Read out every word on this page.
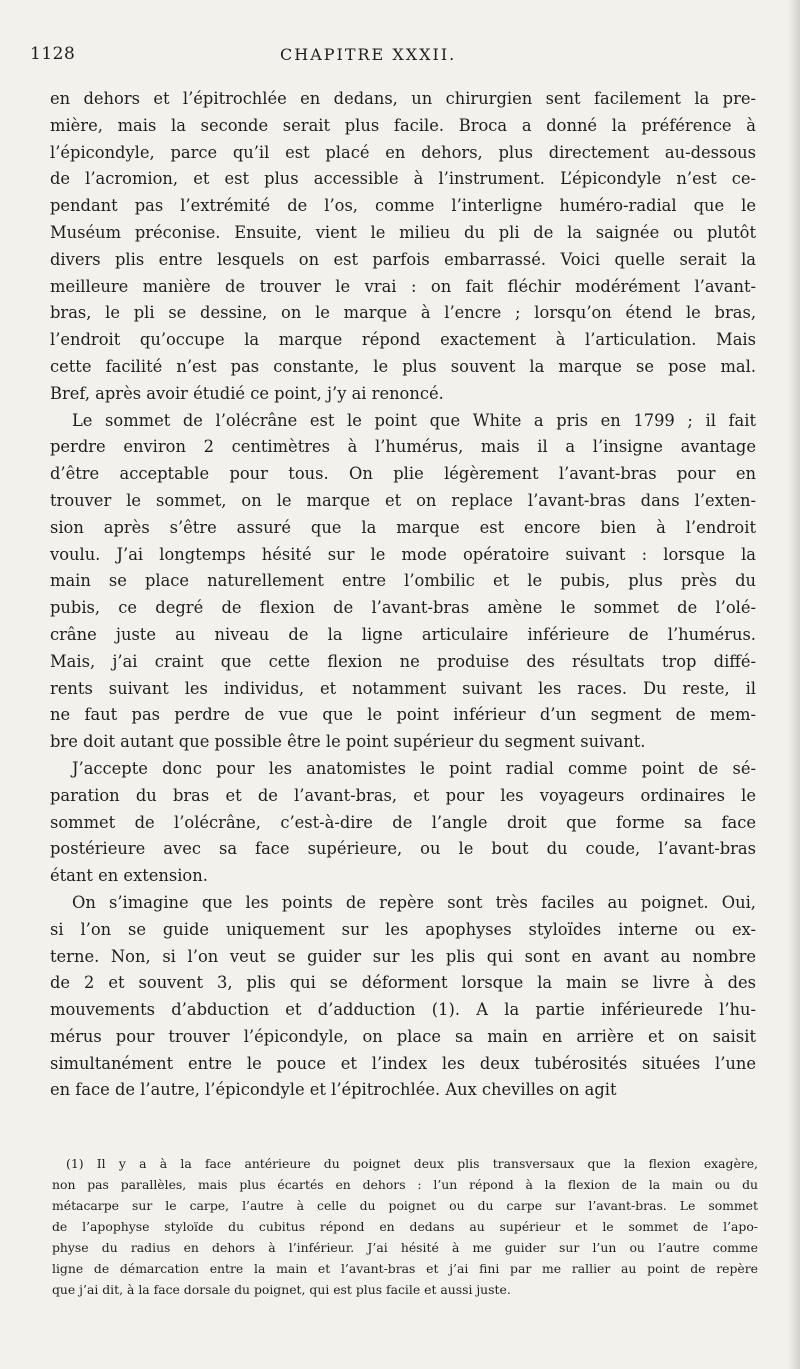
1128	CHAPITRE XXXII.
en dehors et l’épitrochlée en dedans, un chirurgien sent facilement la pre-
mière, mais la seconde serait plus facile. Broca a donné la préférence à
l’épicondyle, parce qu’il est placé en dehors, plus directement au-dessous
de l’acromion, et est plus accessible à l’instrument. L’épicondyle n’est ce-
pendant pas l’extrémité de l’os, comme l’interligne huméro-radial que le
Muséum préconise. Ensuite, vient le milieu du pli de la saignée ou plutôt
divers plis entre lesquels on est parfois embarrassé. Voici quelle serait la
meilleure manière de trouver le vrai : on fait fléchir modérément l’avant-
bras, le pli se dessine, on le marque à l’encre ; lorsqu’on étend le bras,
l’endroit qu’occupe la marque répond exactement à l’articulation. Mais
cette facilité n’est pas constante, le plus souvent la marque se pose mal.
Bref, après avoir étudié ce point, j’y ai renoncé.
Le sommet de l’olécrâne est le point que White a pris en 1799 ; il fait
perdre environ 2 centimètres à l’humérus, mais il a l’insigne avantage
d’être acceptable pour tous. On plie légèrement l’avant-bras pour en
trouver le sommet, on le marque et on replace l’avant-bras dans l’exten-
sion après s’être assuré que la marque est encore bien à l’endroit
voulu. J’ai longtemps hésité sur le mode opératoire suivant : lorsque la
main se place naturellement entre l’ombilic et le pubis, plus près du
pubis, ce degré de flexion de l’avant-bras amène le sommet de l’olé-
crâne juste au niveau de la ligne articulaire inférieure de l’humérus.
Mais, j’ai craint que cette flexion ne produise des résultats trop diffé-
rents suivant les individus, et notamment suivant les races. Du reste, il
ne faut pas perdre de vue que le point inférieur d’un segment de mem-
bre doit autant que possible être le point supérieur du segment suivant.
J’accepte donc pour les anatomistes le point radial comme point de sé-
paration du bras et de l’avant-bras, et pour les voyageurs ordinaires le
sommet de l’olécrâne, c’est-à-dire de l’angle droit que forme sa face
postérieure avec sa face supérieure, ou le bout du coude, l’avant-bras
étant en extension.
On s’imagine que les points de repère sont très faciles au poignet. Oui,
si l’on se guide uniquement sur les apophyses styloïdes interne ou ex-
terne. Non, si l’on veut se guider sur les plis qui sont en avant au nombre
de 2 et souvent 3, plis qui se déforment lorsque la main se livre à des
mouvements d’abduction et d’adduction (1). A la partie inférieurede l’hu-
mérus pour trouver l’épicondyle, on place sa main en arrière et on saisit
simultanément entre le pouce et l’index les deux tubérosités situées l’une
en face de l’autre, l’épicondyle et l’épitrochlée. Aux chevilles on agit
(1) Il y a à la face antérieure du poignet deux plis transversaux que la flexion exagère,
non pas parallèles, mais plus écartés en dehors : l’un répond à la flexion de la main ou du
métacarpe sur le carpe, l’autre à celle du poignet ou du carpe sur l’avant-bras. Le sommet
de l’apophyse styloïde du cubitus répond en dedans au supérieur et le sommet de l’apo-
physe du radius en dehors à l’inférieur. J’ai hésité à me guider sur l’un ou l’autre comme
ligne de démarcation entre la main et l’avant-bras et j’ai fini par me rallier au point de repère
que j’ai dit, à la face dorsale du poignet, qui est plus facile et aussi juste.
